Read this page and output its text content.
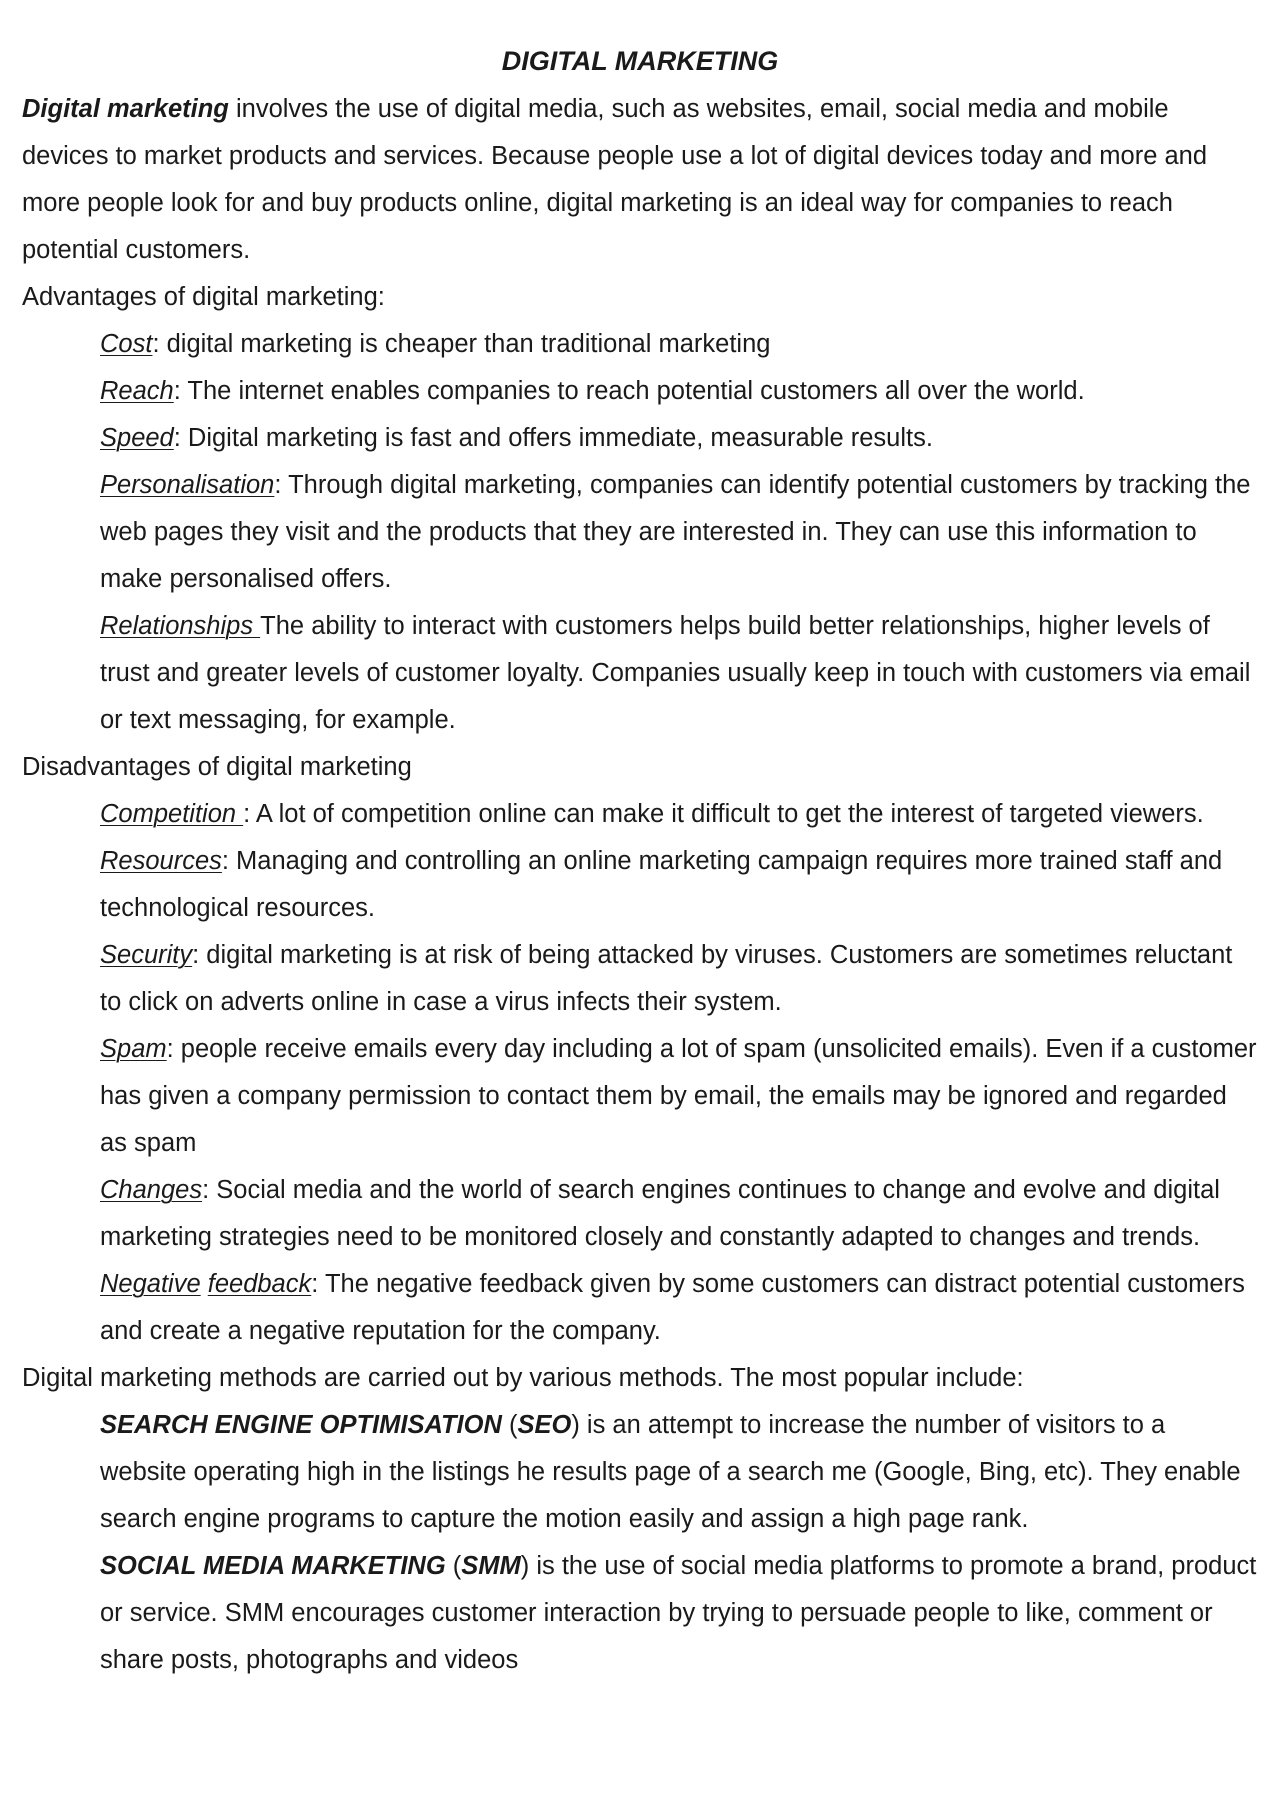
DIGITAL MARKETING

Digital marketing involves the use of digital media, such as websites, email, social media and mobile devices to market products and services. Because people use a lot of digital devices today and more and more people look for and buy products online, digital marketing is an ideal way for companies to reach potential customers.

Advantages of digital marketing:

Cost: digital marketing is cheaper than traditional marketing

Reach: The internet enables companies to reach potential customers all over the world.

Speed: Digital marketing is fast and offers immediate, measurable results.

Personalisation: Through digital marketing, companies can identify potential customers by tracking the web pages they visit and the products that they are interested in. They can use this information to make personalised offers.

Relationships The ability to interact with customers helps build better relationships, higher levels of trust and greater levels of customer loyalty. Companies usually keep in touch with customers via email or text messaging, for example.

Disadvantages of digital marketing

Competition : A lot of competition online can make it difficult to get the interest of targeted viewers.

Resources: Managing and controlling an online marketing campaign requires more trained staff and technological resources.

Security: digital marketing is at risk of being attacked by viruses. Customers are sometimes reluctant to click on adverts online in case a virus infects their system.

Spam: people receive emails every day including a lot of spam (unsolicited emails). Even if a customer has given a company permission to contact them by email, the emails may be ignored and regarded as spam

Changes: Social media and the world of search engines continues to change and evolve and digital marketing strategies need to be monitored closely and constantly adapted to changes and trends.

Negative feedback: The negative feedback given by some customers can distract potential customers and create a negative reputation for the company.

Digital marketing methods are carried out by various methods. The most popular include:

SEARCH ENGINE OPTIMISATION (SEO) is an attempt to increase the number of visitors to a website operating high in the listings he results page of a search me (Google, Bing, etc). They enable search engine programs to capture the motion easily and assign a high page rank.

SOCIAL MEDIA MARKETING (SMM) is the use of social media platforms to promote a brand, product or service. SMM encourages customer interaction by trying to persuade people to like, comment or share posts, photographs and videos
